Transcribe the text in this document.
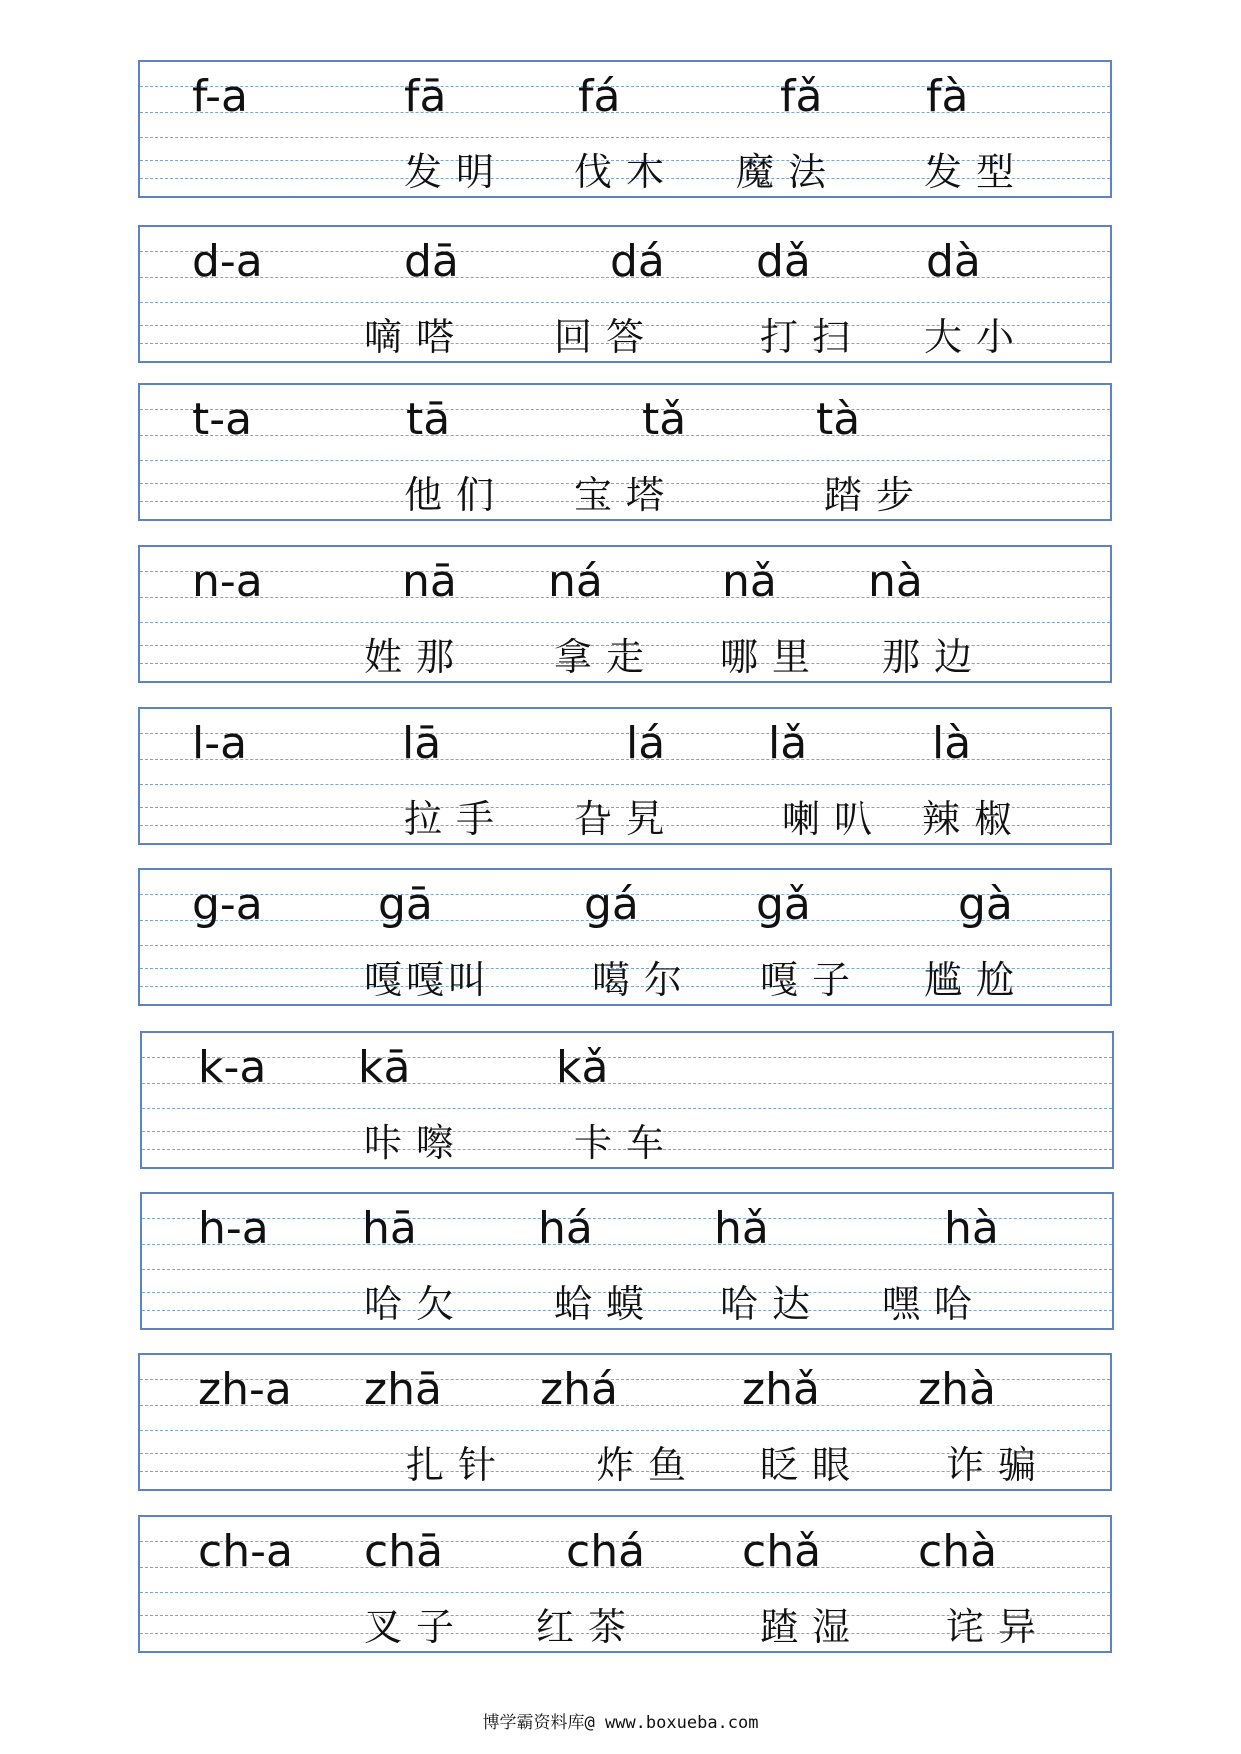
f-a	fā	fá	fǎ fà
发明 伐木 魔法 发型
d-a	dā	dá dǎ	dà
嘀嗒 回答	打扫 大小
t-a	tā	tǎ	tà
他们 宝塔	踏步
n-a	nā ná	nǎ nà
姓那 拿走 哪里 那边
l-a	lā	lá lǎ	là
拉手 旮旯	喇叭 辣椒
g-a	gā	gá	gǎ	gà
嘎嘎叫	噶尔 嘎子 尴尬
k-a kā	kǎ
咔嚓	卡车
h-a hā	há	hǎ	hà
哈欠 蛤蟆 哈达 嘿哈
zh-a zhā zhá	zhǎ zhà
扎针 炸鱼 眨眼 诈骗
ch-a chā	chá chǎ chà
叉子 红茶	蹅湿 诧异
博学霸资料库@ www.boxueba.com
